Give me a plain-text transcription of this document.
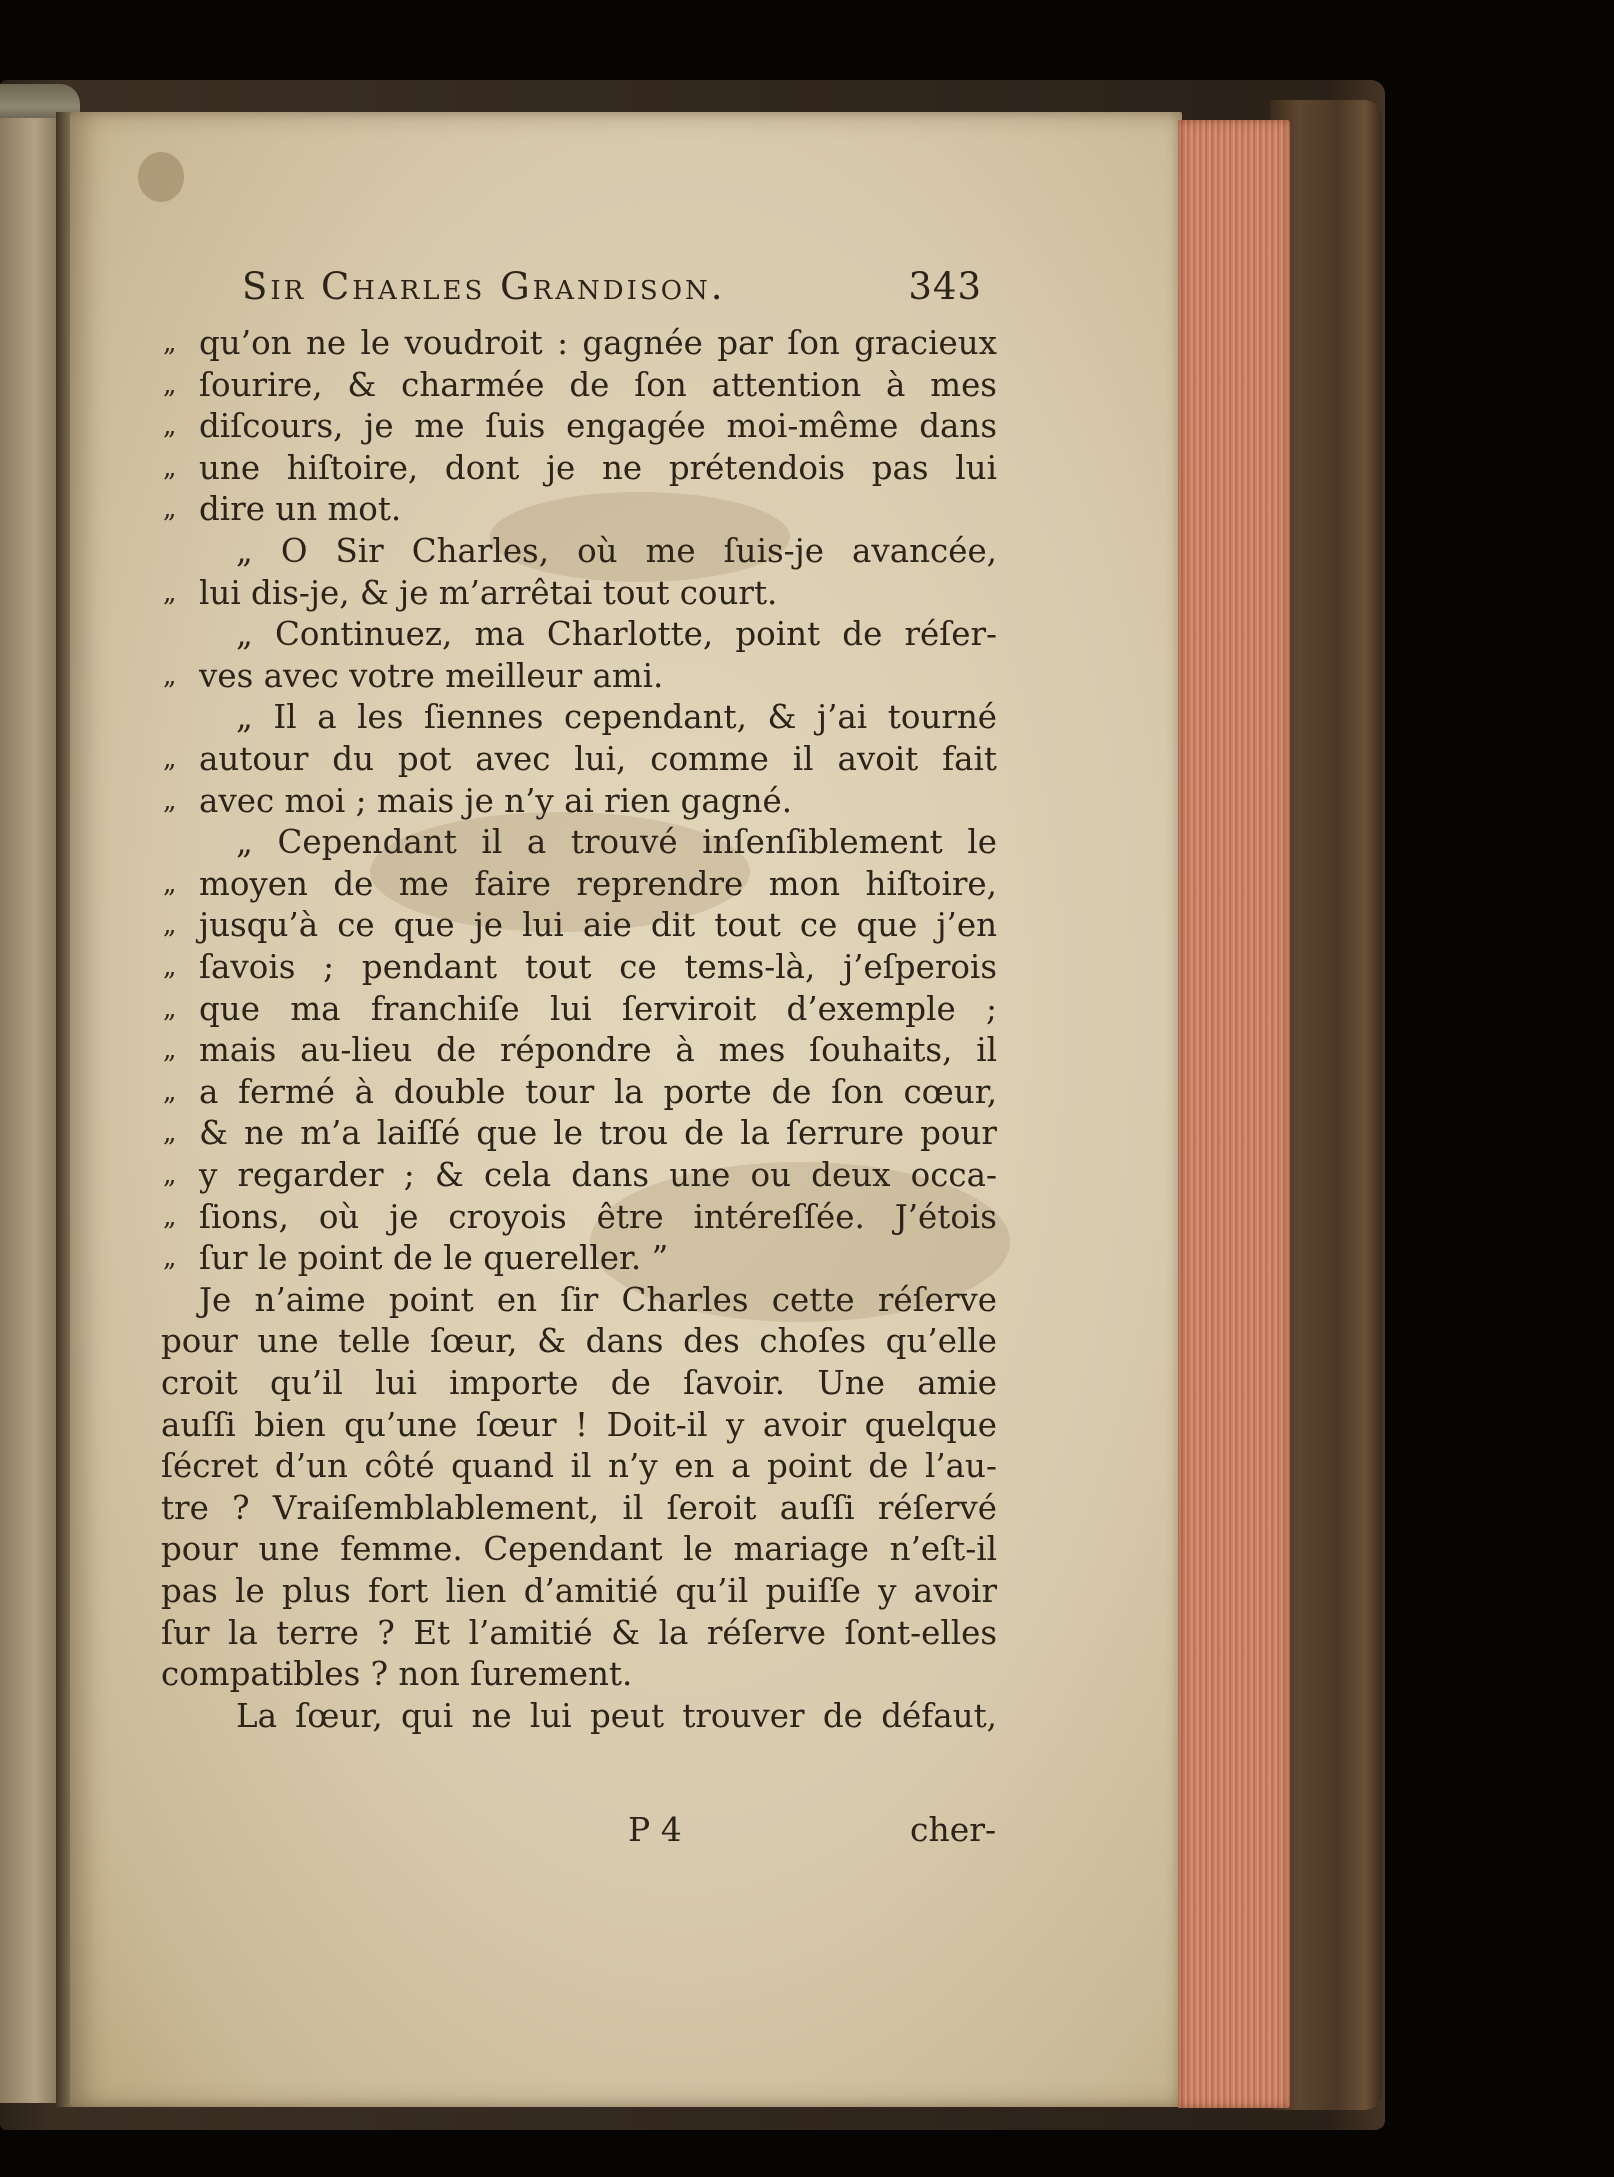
Sir Charles Grandison.	343
„ qu’on ne le voudroit : gagnée par ſon gracieux
„ ſourire, & charmée de ſon attention à mes
„ diſcours, je me ſuis engagée moi-même dans
„ une hiſtoire, dont je ne prétendois pas lui
„ dire un mot.
„ O Sir Charles, où me ſuis-je avancée,
„ lui dis-je, & je m’arrêtai tout court.
„ Continuez, ma Charlotte, point de réſer-
„ ves avec votre meilleur ami.
„ Il a les ſiennes cependant, & j’ai tourné
„ autour du pot avec lui, comme il avoit fait
„ avec moi ; mais je n’y ai rien gagné.
„ Cependant il a trouvé inſenſiblement le
„ moyen de me faire reprendre mon hiſtoire,
„ jusqu’à ce que je lui aie dit tout ce que j’en
„ ſavois ; pendant tout ce tems-là, j’eſperois
„ que ma franchiſe lui ſerviroit d’exemple ;
„ mais au-lieu de répondre à mes ſouhaits, il
„ a fermé à double tour la porte de ſon cœur,
„ & ne m’a laiſſé que le trou de la ſerrure pour
„ y regarder ; & cela dans une ou deux occa-
„ ſions, où je croyois être intéreſſée. J’étois
„ ſur le point de le quereller. ”
Je n’aime point en ſir Charles cette réſerve
pour une telle ſœur, & dans des choſes qu’elle
croit qu’il lui importe de ſavoir. Une amie
auſſi bien qu’une ſœur ! Doit-il y avoir quelque
ſécret d’un côté quand il n’y en a point de l’au-
tre ? Vraiſemblablement, il ſeroit auſſi réſervé
pour une femme. Cependant le mariage n’eſt-il
pas le plus fort lien d’amitié qu’il puiſſe y avoir
ſur la terre ? Et l’amitié & la réſerve ſont-elles
compatibles ? non ſurement.
La ſœur, qui ne lui peut trouver de défaut,
P 4	cher-
